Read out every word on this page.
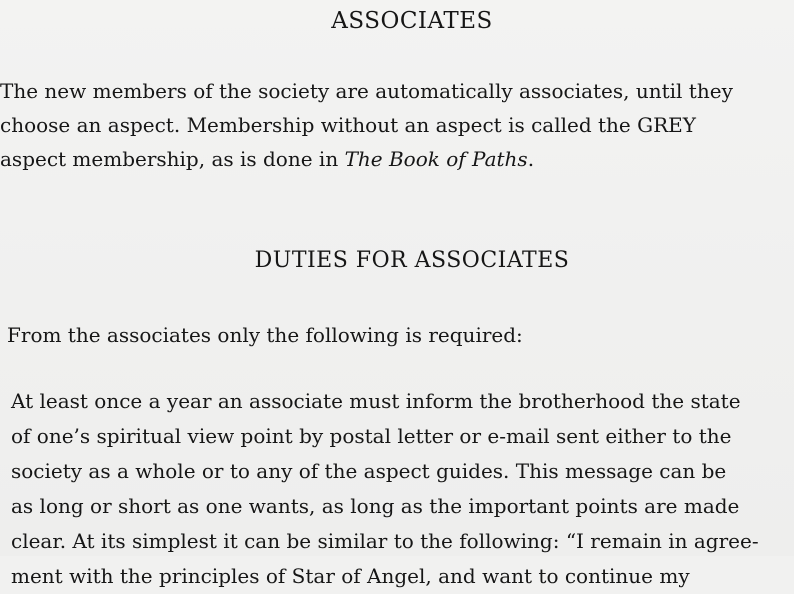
ASSOCIATES

The new members of the society are automatically associates, until they
choose an aspect. Membership without an aspect is called the GREY
aspect membership, as is done in The Book of Paths.

DUTIES FOR ASSOCIATES

From the associates only the following is required:

At least once a year an associate must inform the brotherhood the state
of one’s spiritual view point by postal letter or e-mail sent either to the
society as a whole or to any of the aspect guides. This message can be
as long or short as one wants, as long as the important points are made
clear. At its simplest it can be similar to the following: “I remain in agree-
ment with the principles of Star of Angel, and want to continue my
